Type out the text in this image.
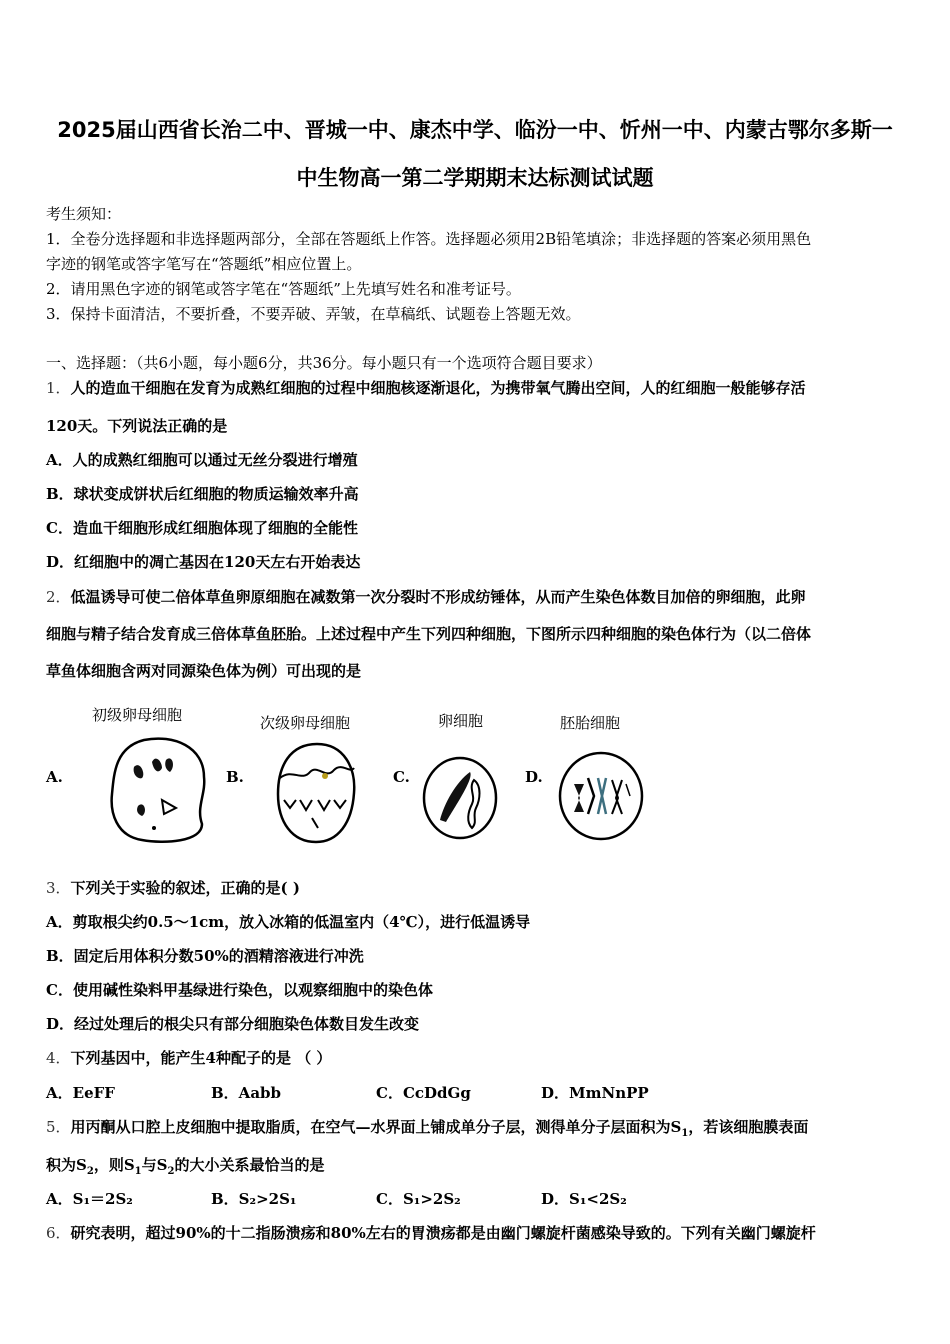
2025届山西省长治二中、晋城一中、康杰中学、临汾一中、忻州一中、内蒙古鄂尔多斯一
中生物高一第二学期期末达标测试试题
考生须知：
1．全卷分选择题和非选择题两部分，全部在答题纸上作答。选择题必须用2B铅笔填涂；非选择题的答案必须用黑色
字迹的钢笔或答字笔写在“答题纸”相应位置上。
2．请用黑色字迹的钢笔或答字笔在“答题纸”上先填写姓名和准考证号。
3．保持卡面清洁，不要折叠，不要弄破、弄皱，在草稿纸、试题卷上答题无效。
一、选择题：（共6小题，每小题6分，共36分。每小题只有一个选项符合题目要求）
1．人的造血干细胞在发育为成熟红细胞的过程中细胞核逐渐退化，为携带氧气腾出空间，人的红细胞一般能够存活
120天。下列说法正确的是
A．人的成熟红细胞可以通过无丝分裂进行增殖
B．球状变成饼状后红细胞的物质运输效率升高
C．造血干细胞形成红细胞体现了细胞的全能性
D．红细胞中的凋亡基因在120天左右开始表达
2．低温诱导可使二倍体草鱼卵原细胞在减数第一次分裂时不形成纺锤体，从而产生染色体数目加倍的卵细胞，此卵
细胞与精子结合发育成三倍体草鱼胚胎。上述过程中产生下列四种细胞，下图所示四种细胞的染色体行为（以二倍体
草鱼体细胞含两对同源染色体为例）可出现的是
初级卵母细胞	次级卵母细胞	卵细胞	胚胎细胞
A.	B.	C.	D.
3．下列关于实验的叙述，正确的是( )
A．剪取根尖约0.5～1cm，放入冰箱的低温室内（4℃），进行低温诱导
B．固定后用体积分数50%的酒精溶液进行冲洗
C．使用碱性染料甲基绿进行染色，以观察细胞中的染色体
D．经过处理后的根尖只有部分细胞染色体数目发生改变
4．下列基因中，能产生4种配子的是 （ ）
A．EeFF	B．Aabb	C．CcDdGg	D．MmNnPP
5．用丙酮从口腔上皮细胞中提取脂质，在空气—水界面上铺成单分子层，测得单分子层面积为$S_1$，若该细胞膜表面
积为$S_2$，则$S_1$与$S_2$的大小关系最恰当的是
A．S₁＝2S₂	B．S₂>2S₁	C．S₁>2S₂	D．S₁<2S₂
6．研究表明，超过90%的十二指肠溃疡和80%左右的胃溃疡都是由幽门螺旋杆菌感染导致的。下列有关幽门螺旋杆
